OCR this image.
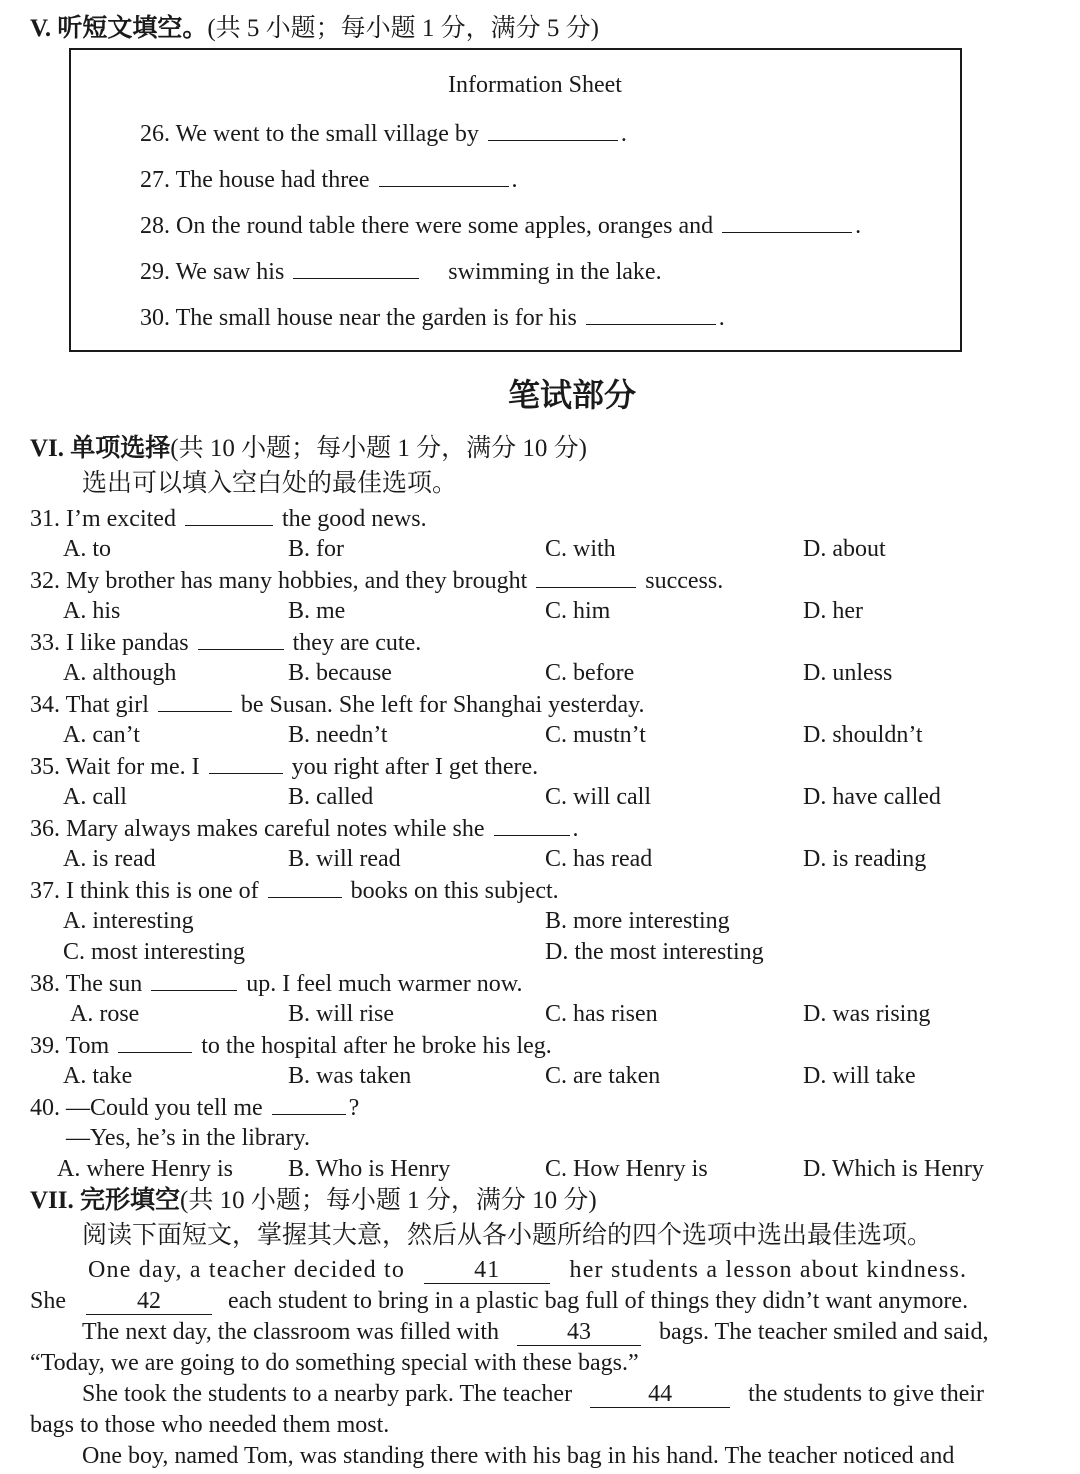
V. 听短文填空。(共 5 小题；每小题 1 分，满分 5 分)
Information Sheet
26. We went to the small village by	.
27. The house had three	.
28. On the round table there were some apples, oranges and	.
29. We saw his	swimming in the lake.
30. The small house near the garden is for his	.
笔试部分
VI. 单项选择(共 10 小题；每小题 1 分，满分 10 分)
选出可以填入空白处的最佳选项。
31. I’m excited	the good news.
A. to	B. for	C. with	D. about
32. My brother has many hobbies, and they brought	success.
A. his	B. me	C. him	D. her
33. I like pandas	they are cute.
A. although	B. because	C. before	D. unless
34. That girl	be Susan. She left for Shanghai yesterday.
A. can’t	B. needn’t	C. mustn’t	D. shouldn’t
35. Wait for me. I	you right after I get there.
A. call	B. called	C. will call	D. have called
36. Mary always makes careful notes while she	.
A. is read	B. will read	C. has read	D. is reading
37. I think this is one of	books on this subject.
A. interesting	B. more interesting
C. most interesting	D. the most interesting
38. The sun	up. I feel much warmer now.
A. rose	B. will rise	C. has risen	D. was rising
39. Tom	to the hospital after he broke his leg.
A. take	B. was taken	C. are taken	D. will take
40. —Could you tell me	?
—Yes, he’s in the library.
A. where Henry is B. Who is Henry	C. How Henry is	D. Which is Henry
VII. 完形填空(共 10 小题；每小题 1 分，满分 10 分)
阅读下面短文，掌握其大意，然后从各小题所给的四个选项中选出最佳选项。
One day, a teacher decided to	41	her students a lesson about kindness.
She	42	each student to bring in a plastic bag full of things they didn’t want anymore.
The next day, the classroom was filled with	43	bags. The teacher smiled and said,
“Today, we are going to do something special with these bags.”
She took the students to a nearby park. The teacher	44	the students to give their
bags to those who needed them most.
One boy, named Tom, was standing there with his bag in his hand. The teacher noticed and
